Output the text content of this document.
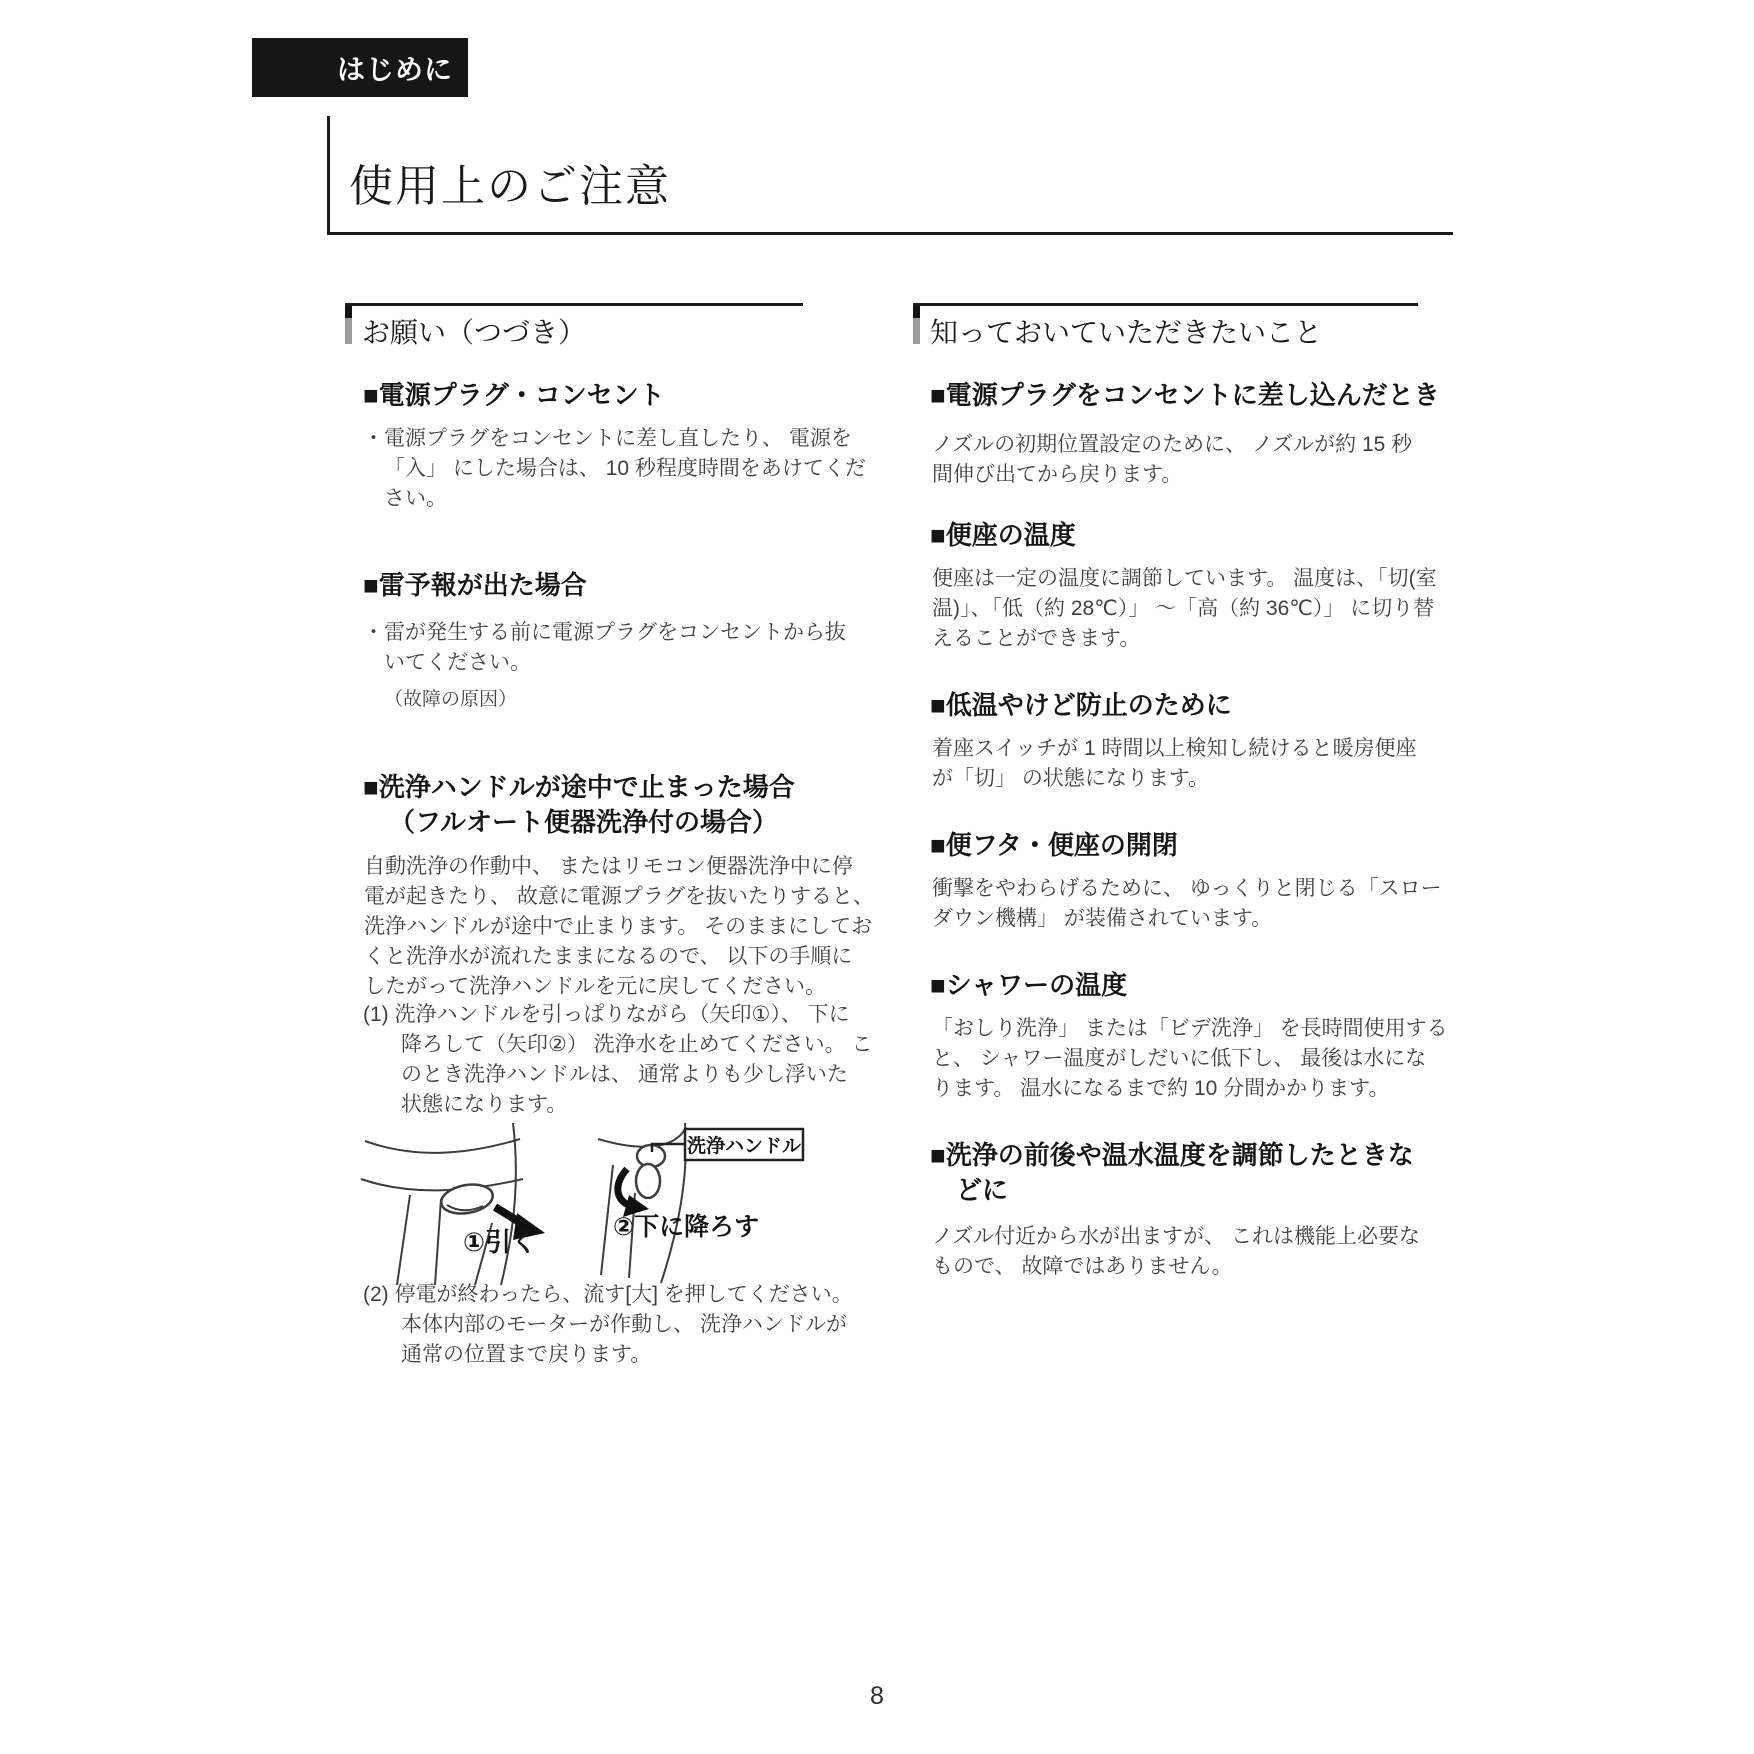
はじめに
使用上のご注意
お願い（つづき）
■電源プラグ・コンセント
・電源プラグをコンセントに差し直したり、 電源を
「入」 にした場合は、 10 秒程度時間をあけてくだ
さい。
■雷予報が出た場合
・雷が発生する前に電源プラグをコンセントから抜
いてください。
（故障の原因）
■洗浄ハンドルが途中で止まった場合
（フルオート便器洗浄付の場合）
自動洗浄の作動中、 またはリモコン便器洗浄中に停
電が起きたり、 故意に電源プラグを抜いたりすると、
洗浄ハンドルが途中で止まります。 そのままにしてお
くと洗浄水が流れたままになるので、 以下の手順に
したがって洗浄ハンドルを元に戻してください。
(1) 洗浄ハンドルを引っぱりながら（矢印①）、 下に
降ろして（矢印②） 洗浄水を止めてください。 こ
のとき洗浄ハンドルは、 通常よりも少し浮いた
状態になります。
①引く	②下に降ろす
洗浄ハンドル
(2) 停電が終わったら、流す[大] を押してください。
本体内部のモーターが作動し、 洗浄ハンドルが
通常の位置まで戻ります。
知っておいていただきたいこと
■電源プラグをコンセントに差し込んだとき
ノズルの初期位置設定のために、 ノズルが約 15 秒
間伸び出てから戻ります。
■便座の温度
便座は一定の温度に調節しています。 温度は、「切(室
温)」、「低（約 28℃）」 〜「高（約 36℃）」 に切り替
えることができます。
■低温やけど防止のために
着座スイッチが 1 時間以上検知し続けると暖房便座
が「切」 の状態になります。
■便フタ・便座の開閉
衝撃をやわらげるために、 ゆっくりと閉じる「スロー
ダウン機構」 が装備されています。
■シャワーの温度
「おしり洗浄」 または「ビデ洗浄」 を長時間使用する
と、 シャワー温度がしだいに低下し、 最後は水にな
ります。 温水になるまで約 10 分間かかります。
■洗浄の前後や温水温度を調節したときな
どに
ノズル付近から水が出ますが、 これは機能上必要な
もので、 故障ではありません。
8
